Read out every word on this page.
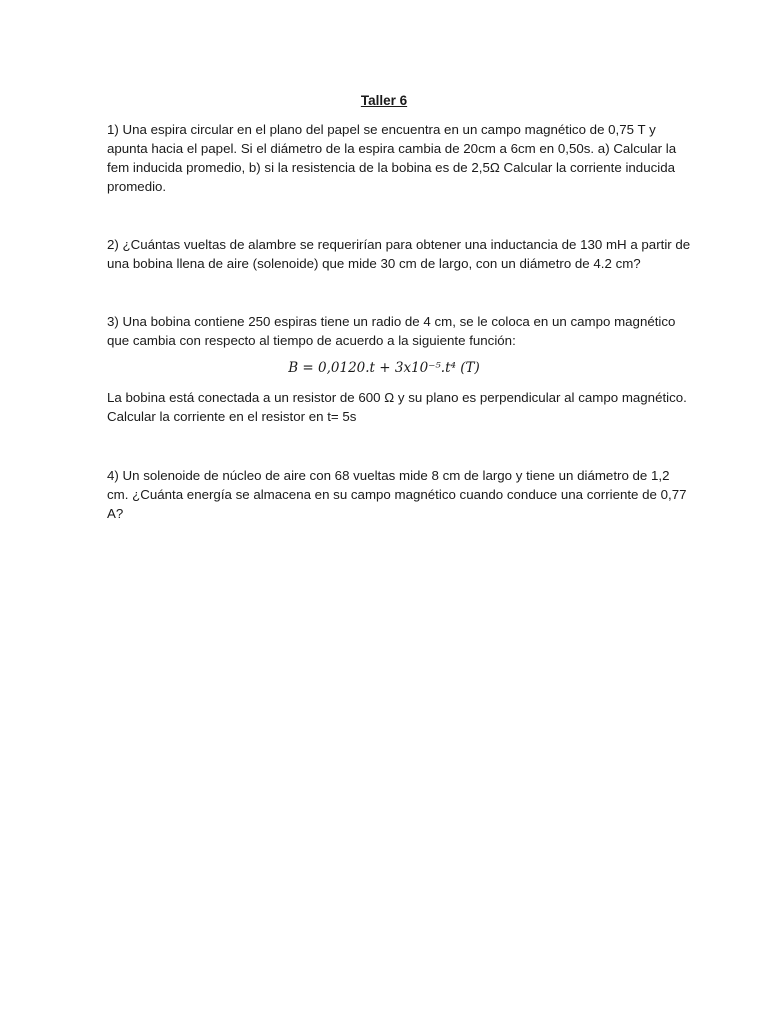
Taller 6
1) Una espira circular en el plano del papel se encuentra en un campo magnético de 0,75 T y
apunta hacia el papel. Si el diámetro de la espira cambia de 20cm a 6cm en 0,50s. a) Calcular la
fem inducida promedio, b) si la resistencia de la bobina es de 2,5Ω Calcular la corriente inducida
promedio.
2) ¿Cuántas vueltas de alambre se requerirían para obtener una inductancia de 130 mH a partir de
una bobina llena de aire (solenoide) que mide 30 cm de largo, con un diámetro de 4.2 cm?
3) Una bobina contiene 250 espiras tiene un radio de 4 cm, se le coloca en un campo magnético
que cambia con respecto al tiempo de acuerdo a la siguiente función:
B = 0,0120.t + 3x10⁻⁵.t⁴ (T)
La bobina está conectada a un resistor de 600 Ω y su plano es perpendicular al campo magnético.
Calcular la corriente en el resistor en t= 5s
4) Un solenoide de núcleo de aire con 68 vueltas mide 8 cm de largo y tiene un diámetro de 1,2
cm. ¿Cuánta energía se almacena en su campo magnético cuando conduce una corriente de 0,77
A?
